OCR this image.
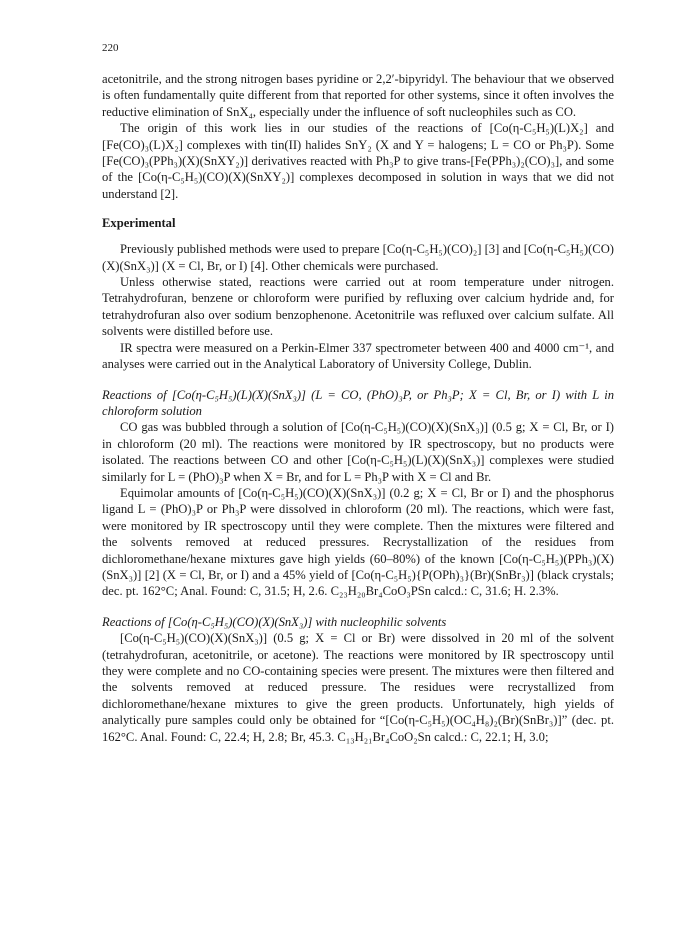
220

acetonitrile, and the strong nitrogen bases pyridine or 2,2′-bipyridyl. The behaviour that we observed is often fundamentally quite different from that reported for other systems, since it often involves the reductive elimination of SnX₄, especially under the influence of soft nucleophiles such as CO.

The origin of this work lies in our studies of the reactions of [Co(η-C₅H₅)(L)X₂] and [Fe(CO)₃(L)X₂] complexes with tin(II) halides SnY₂ (X and Y = halogens; L = CO or Ph₃P). Some [Fe(CO)₃(PPh₃)(X)(SnXY₂)] derivatives reacted with Ph₃P to give trans-[Fe(PPh₃)₂(CO)₃], and some of the [Co(η-C₅H₅)(CO)(X)(SnXY₂)] complexes decomposed in solution in ways that we did not understand [2].

Experimental

Previously published methods were used to prepare [Co(η-C₅H₅)(CO)₂] [3] and [Co(η-C₅H₅)(CO)(X)(SnX₃)] (X = Cl, Br, or I) [4]. Other chemicals were purchased.

Unless otherwise stated, reactions were carried out at room temperature under nitrogen. Tetrahydrofuran, benzene or chloroform were purified by refluxing over calcium hydride and, for tetrahydrofuran also over sodium benzophenone. Acetonitrile was refluxed over calcium sulfate. All solvents were distilled before use.

IR spectra were measured on a Perkin-Elmer 337 spectrometer between 400 and 4000 cm⁻¹, and analyses were carried out in the Analytical Laboratory of University College, Dublin.

Reactions of [Co(η-C₅H₅)(L)(X)(SnX₃)] (L = CO, (PhO)₃P, or Ph₃P; X = Cl, Br, or I) with L in chloroform solution

CO gas was bubbled through a solution of [Co(η-C₅H₅)(CO)(X)(SnX₃)] (0.5 g; X = Cl, Br, or I) in chloroform (20 ml). The reactions were monitored by IR spectroscopy, but no products were isolated. The reactions between CO and other [Co(η-C₅H₅)(L)(X)(SnX₃)] complexes were studied similarly for L = (PhO)₃P when X = Br, and for L = Ph₃P with X = Cl and Br.

Equimolar amounts of [Co(η-C₅H₅)(CO)(X)(SnX₃)] (0.2 g; X = Cl, Br or I) and the phosphorus ligand L = (PhO)₃P or Ph₃P were dissolved in chloroform (20 ml). The reactions, which were fast, were monitored by IR spectroscopy until they were complete. Then the mixtures were filtered and the solvents removed at reduced pressures. Recrystallization of the residues from dichloromethane/hexane mixtures gave high yields (60–80%) of the known [Co(η-C₅H₅)(PPh₃)(X)(SnX₃)] [2] (X = Cl, Br, or I) and a 45% yield of [Co(η-C₅H₅){P(OPh)₃}(Br)(SnBr₃)] (black crystals; dec. pt. 162°C; Anal. Found: C, 31.5; H, 2.6. C₂₃H₂₀Br₄CoO₃PSn calcd.: C, 31.6; H. 2.3%.

Reactions of [Co(η-C₅H₅)(CO)(X)(SnX₃)] with nucleophilic solvents

[Co(η-C₅H₅)(CO)(X)(SnX₃)] (0.5 g; X = Cl or Br) were dissolved in 20 ml of the solvent (tetrahydrofuran, acetonitrile, or acetone). The reactions were monitored by IR spectroscopy until they were complete and no CO-containing species were present. The mixtures were then filtered and the solvents removed at reduced pressure. The residues were recrystallized from dichloromethane/hexane mixtures to give the green products. Unfortunately, high yields of analytically pure samples could only be obtained for “[Co(η-C₅H₅)(OC₄H₈)₂(Br)(SnBr₃)]” (dec. pt. 162°C. Anal. Found: C, 22.4; H, 2.8; Br, 45.3. C₁₃H₂₁Br₄CoO₂Sn calcd.: C, 22.1; H, 3.0;
